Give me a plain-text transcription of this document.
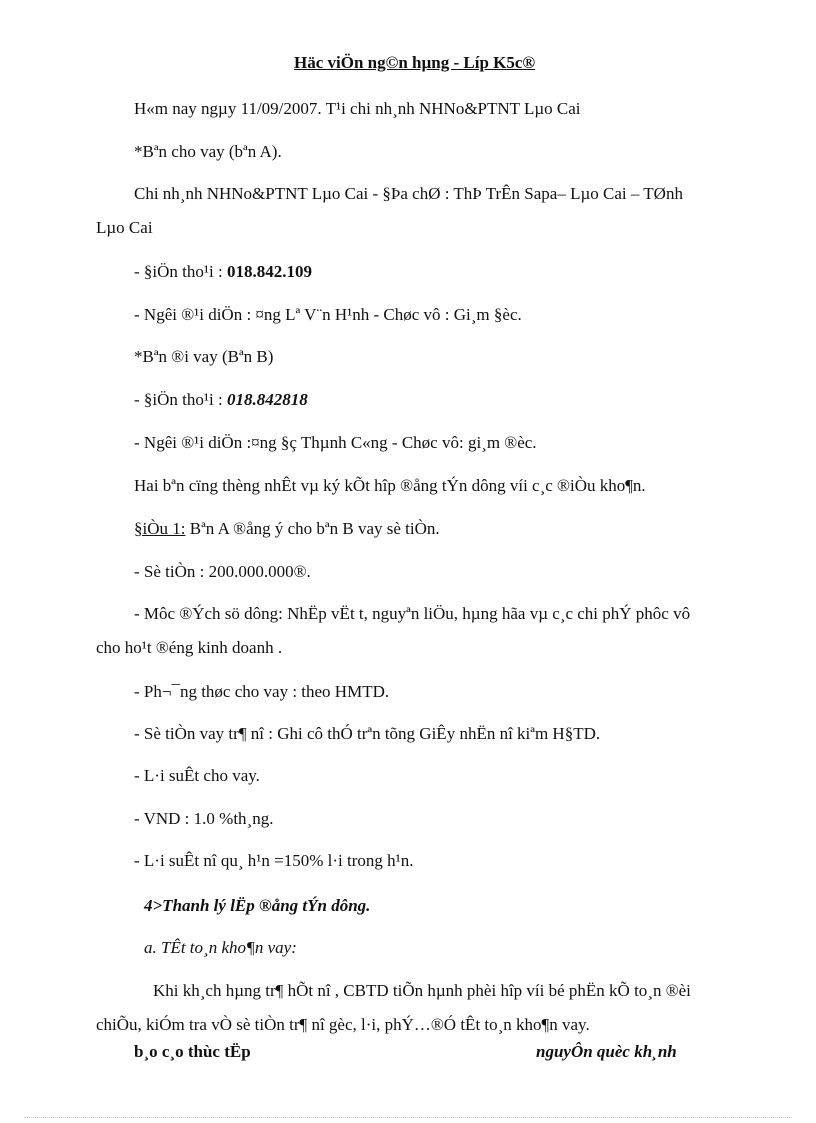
Häc viÖn ng©n hµng - Líp K5c®
H«m nay ngµy 11/09/2007. T¹i chi nh¸nh NHNo&PTNT Lµo Cai
*Bªn cho vay (bªn A).
Chi nh¸nh NHNo&PTNT Lµo Cai - §Þa chØ : ThÞ TrÊn Sapa– Lµo Cai – TØnh
Lµo Cai
- §iÖn tho¹i : 018.842.109
- Ngêi ®¹i diÖn : ¤ng Lª V¨n H¹nh - Chøc vô : Gi¸m §èc.
*Bªn ®i vay (Bªn B)
- §iÖn tho¹i : 018.842818
- Ngêi ®¹i diÖn :¤ng §ç Thµnh C«ng - Chøc vô: gi¸m ®èc.
Hai bªn cïng thèng nhÊt vµ ký kÕt hîp ®ång tÝn dông víi c¸c ®iÒu kho¶n.
§iÒu 1: Bªn A ®ång ý cho bªn B vay sè tiÒn.
- Sè tiÒn : 200.000.000®.
- Môc ®Ých sö dông: NhËp vËt t, nguyªn liÖu, hµng hãa vµ c¸c chi phÝ phôc vô
cho ho¹t ®éng kinh doanh .
- Ph¬¯ng thøc cho vay : theo HMTD.
- Sè tiÒn vay tr¶ nî : Ghi cô thÓ trªn tõng GiÊy nhËn nî kiªm H§TD.
- L·i suÊt cho vay.
- VND : 1.0 %th¸ng.
- L·i suÊt nî qu¸ h¹n =150% l·i trong h¹n.
4>Thanh lý lËp ®ång tÝn dông.
a. TÊt to¸n kho¶n vay:
Khi kh¸ch hµng tr¶ hÕt nî , CBTD tiÕn hµnh phèi hîp víi bé phËn kÕ to¸n ®èi
chiÕu, kiÓm tra vÒ sè tiÒn tr¶ nî gèc, l·i, phÝ…®Ó tÊt to¸n kho¶n vay.
b¸o c¸o thùc tËp	nguyÔn quèc kh¸nh
